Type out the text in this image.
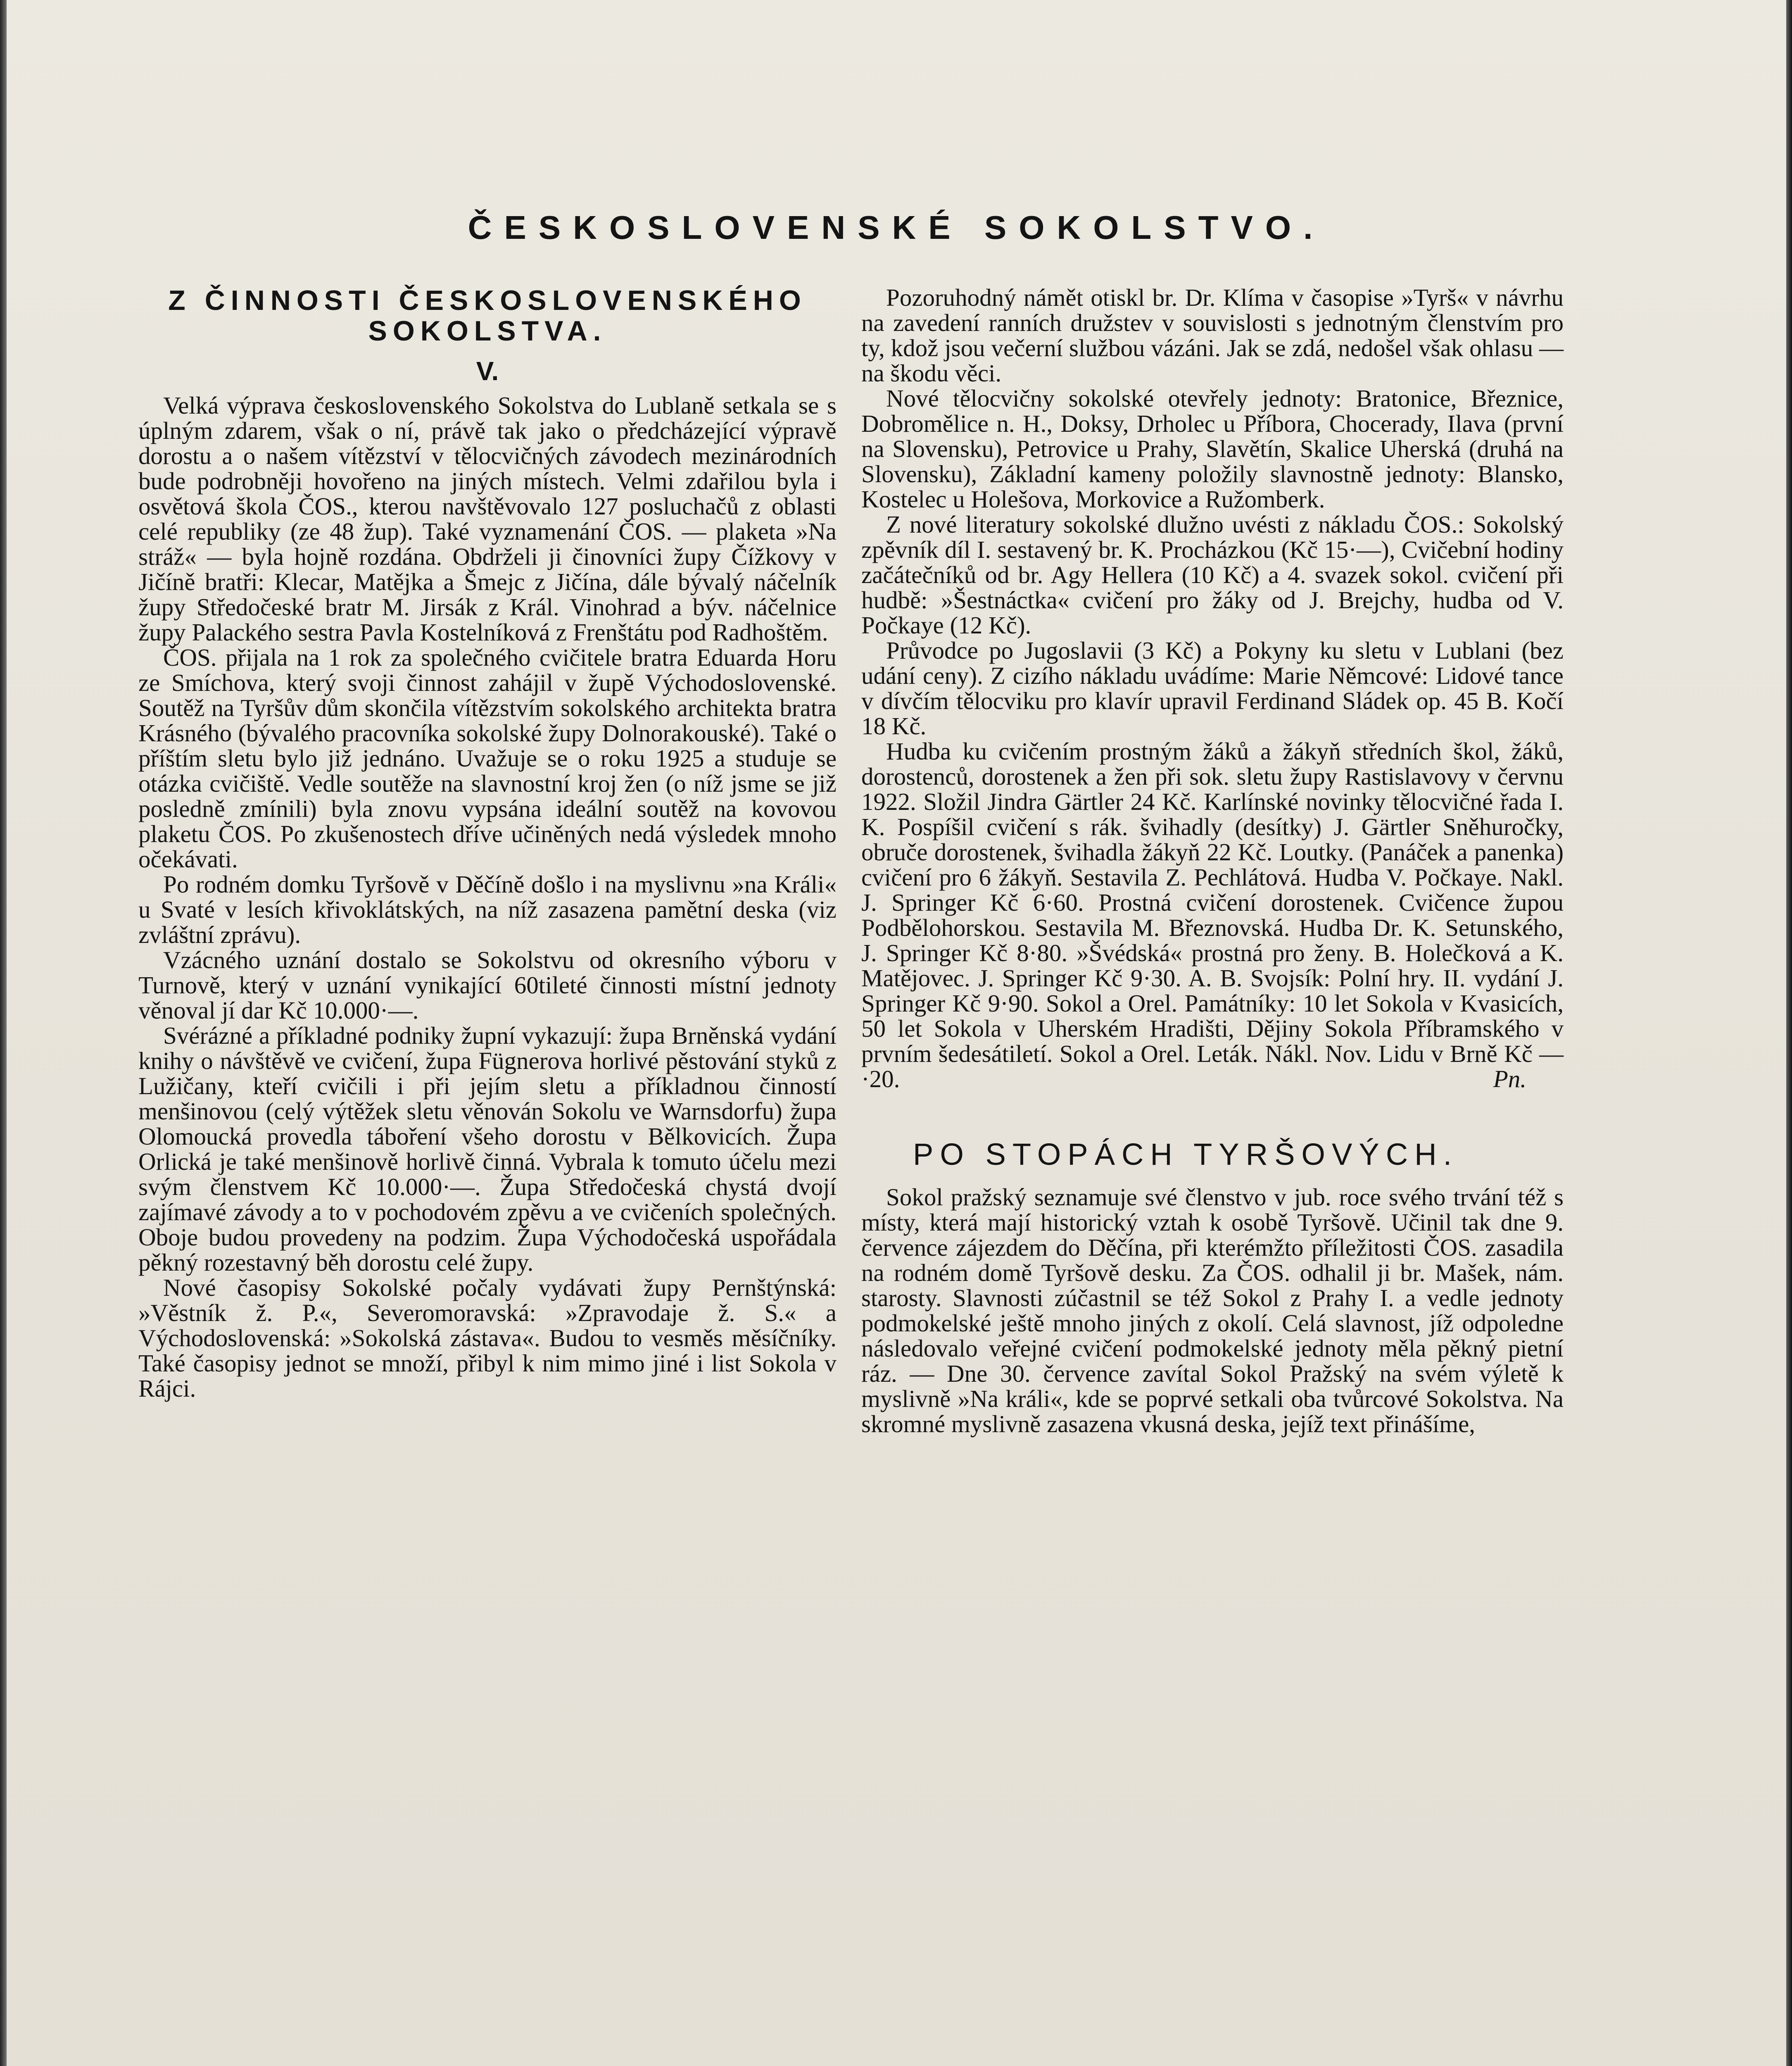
ČESKOSLOVENSKÉ SOKOLSTVO.
Z ČINNOSTI ČESKOSLOVENSKÉHO SOKOLSTVA.
V.

Velká výprava československého Sokolstva do Lublaně setkala se s úplným zdarem, však o ní, právě tak jako o předcházející výpravě dorostu a o našem vítězství v tělocvičných závodech mezinárodních bude podrobněji hovořeno na jiných místech. Velmi zdařilou byla i osvětová škola ČOS., kterou navštěvovalo 127 posluchačů z oblasti celé republiky (ze 48 žup). Také vyznamenání ČOS. — plaketa »Na stráž« — byla hojně rozdána. Obdrželi ji činovníci župy Čížkovy v Jičíně bratři: Klecar, Matějka a Šmejc z Jičína, dále bývalý náčelník župy Středočeské bratr M. Jirsák z Král. Vinohrad a býv. náčelnice župy Palackého sestra Pavla Kostelníková z Frenštátu pod Radhoštěm.

ČOS. přijala na 1 rok za společného cvičitele bratra Eduarda Horu ze Smíchova, který svoji činnost zahájil v župě Východoslovenské. Soutěž na Tyršův dům skončila vítězstvím sokolského architekta bratra Krásného (bývalého pracovníka sokolské župy Dolnorakouské). Také o příštím sletu bylo již jednáno. Uvažuje se o roku 1925 a studuje se otázka cvičiště. Vedle soutěže na slavnostní kroj žen (o níž jsme se již posledně zmínili) byla znovu vypsána ideální soutěž na kovovou plaketu ČOS. Po zkušenostech dříve učiněných nedá výsledek mnoho očekávati.

Po rodném domku Tyršově v Děčíně došlo i na myslivnu »na Králi« u Svaté v lesích křivoklátských, na níž zasazena pamětní deska (viz zvláštní zprávu).

Vzácného uznání dostalo se Sokolstvu od okresního výboru v Turnově, který v uznání vynikající 60tileté činnosti místní jednoty věnoval jí dar Kč 10.000·—.

Svérázné a příkladné podniky župní vykazují: župa Brněnská vydání knihy o návštěvě ve cvičení, župa Fügnerova horlivé pěstování styků z Lužičany, kteří cvičili i při jejím sletu a příkladnou činností menšinovou (celý výtěžek sletu věnován Sokolu ve Warnsdorfu) župa Olomoucká provedla táboření všeho dorostu v Bělkovicích. Župa Orlická je také menšinově horlivě činná. Vybrala k tomuto účelu mezi svým členstvem Kč 10.000·—. Župa Středočeská chystá dvojí zajímavé závody a to v pochodovém zpěvu a ve cvičeních společných. Oboje budou provedeny na podzim. Župa Východočeská uspořádala pěkný rozestavný běh dorostu celé župy.

Nové časopisy Sokolské počaly vydávati župy Pernštýnská: »Věstník ž. P.«, Severomoravská: »Zpravodaje ž. S.« a Východoslovenská: »Sokolská zástava«. Budou to vesměs měsíčníky. Také časopisy jednot se množí, přibyl k nim mimo jiné i list Sokola v Rájci.

Pozoruhodný námět otiskl br. Dr. Klíma v časopise »Tyrš« v návrhu na zavedení ranních družstev v souvislosti s jednotným členstvím pro ty, kdož jsou večerní službou vázáni. Jak se zdá, nedošel však ohlasu — na škodu věci.

Nové tělocvičny sokolské otevřely jednoty: Bratonice, Březnice, Dobromělice n. H., Doksy, Drholec u Příbora, Chocerady, Ilava (první na Slovensku), Petrovice u Prahy, Slavětín, Skalice Uherská (druhá na Slovensku), Základní kameny položily slavnostně jednoty: Blansko, Kostelec u Holešova, Morkovice a Ružomberk.

Z nové literatury sokolské dlužno uvésti z nákladu ČOS.: Sokolský zpěvník díl I. sestavený br. K. Procházkou (Kč 15·—), Cvičební hodiny začátečníků od br. Agy Hellera (10 Kč) a 4. svazek sokol. cvičení při hudbě: »Šestnáctka« cvičení pro žáky od J. Brejchy, hudba od V. Počkaye (12 Kč).

Průvodce po Jugoslavii (3 Kč) a Pokyny ku sletu v Lublani (bez udání ceny). Z cizího nákladu uvádíme: Marie Němcové: Lidové tance v dívčím tělocviku pro klavír upravil Ferdinand Sládek op. 45 B. Kočí 18 Kč.

Hudba ku cvičením prostným žáků a žákyň středních škol, žáků, dorostenců, dorostenek a žen při sok. sletu župy Rastislavovy v červnu 1922. Složil Jindra Gärtler 24 Kč. Karlínské novinky tělocvičné řada I. K. Pospíšil cvičení s rák. švihadly (desítky) J. Gärtler Sněhuročky, obruče dorostenek, švihadla žákyň 22 Kč. Loutky. (Panáček a panenka) cvičení pro 6 žákyň. Sestavila Z. Pechlátová. Hudba V. Počkaye. Nakl. J. Springer Kč 6·60. Prostná cvičení dorostenek. Cvičence župou Podbělohorskou. Sestavila M. Březnovská. Hudba Dr. K. Setunského, J. Springer Kč 8·80. »Švédská« prostná pro ženy. B. Holečková a K. Matějovec. J. Springer Kč 9·30. A. B. Svojsík: Polní hry. II. vydání J. Springer Kč 9·90. Sokol a Orel. Památníky: 10 let Sokola v Kvasicích, 50 let Sokola v Uherském Hradišti, Dějiny Sokola Příbramského v prvním šedesátiletí. Sokol a Orel. Leták. Nákl. Nov. Lidu v Brně Kč —·20.	Pn.

PO STOPÁCH TYRŠOVÝCH.

Sokol pražský seznamuje své členstvo v jub. roce svého trvání též s místy, která mají historický vztah k osobě Tyršově. Učinil tak dne 9. července zájezdem do Děčína, při kterémžto příležitosti ČOS. zasadila na rodném domě Tyršově desku. Za ČOS. odhalil ji br. Mašek, nám. starosty. Slavnosti zúčastnil se též Sokol z Prahy I. a vedle jednoty podmokelské ještě mnoho jiných z okolí. Celá slavnost, jíž odpoledne následovalo veřejné cvičení podmokelské jednoty měla pěkný pietní ráz. — Dne 30. července zavítal Sokol Pražský na svém výletě k myslivně »Na králi«, kde se poprvé setkali oba tvůrcové Sokolstva. Na skromné myslivně zasazena vkusná deska, jejíž text přinášíme,
